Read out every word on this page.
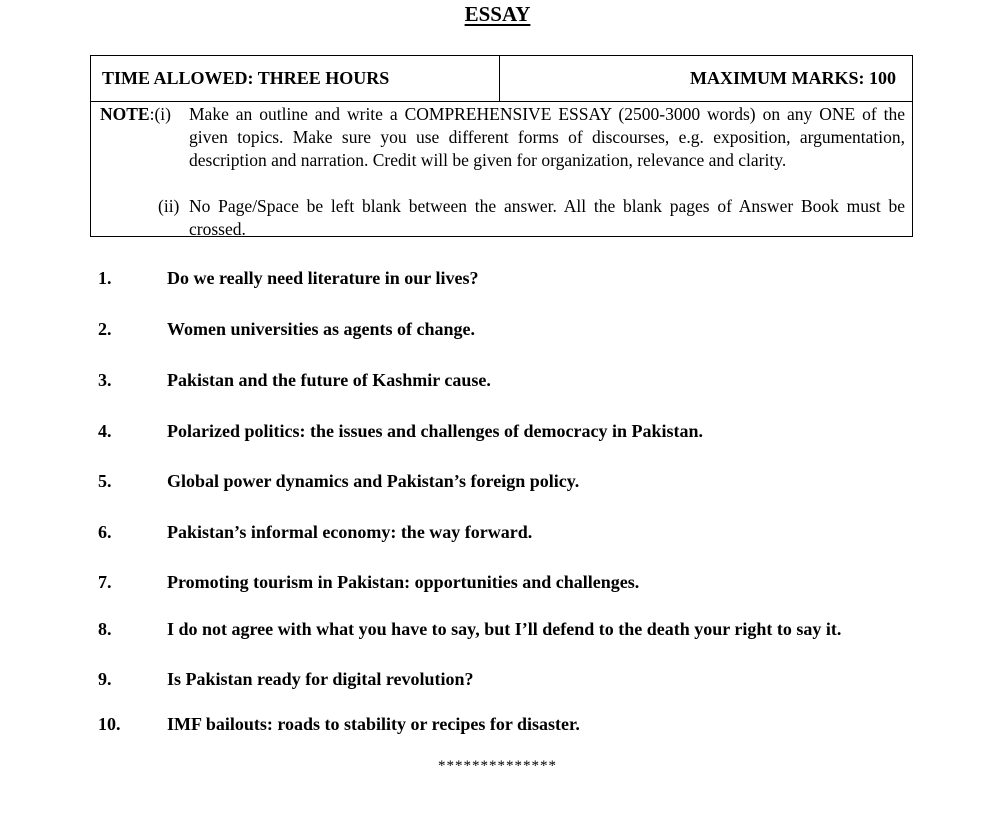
ESSAY
TIME ALLOWED: THREE HOURS	MAXIMUM MARKS: 100
NOTE:(i) Make an outline and write a COMPREHENSIVE ESSAY (2500-3000 words) on any ONE of the given topics. Make sure you use different forms of discourses, e.g. exposition, argumentation, description and narration. Credit will be given for organization, relevance and clarity.
(ii) No Page/Space be left blank between the answer. All the blank pages of Answer Book must be crossed.
1.	Do we really need literature in our lives?
2.	Women universities as agents of change.
3.	Pakistan and the future of Kashmir cause.
4.	Polarized politics: the issues and challenges of democracy in Pakistan.
5.	Global power dynamics and Pakistan’s foreign policy.
6.	Pakistan’s informal economy: the way forward.
7.	Promoting tourism in Pakistan: opportunities and challenges.
8.	I do not agree with what you have to say, but I’ll defend to the death your right to say it.
9.	Is Pakistan ready for digital revolution?
10.	IMF bailouts: roads to stability or recipes for disaster.
**************
